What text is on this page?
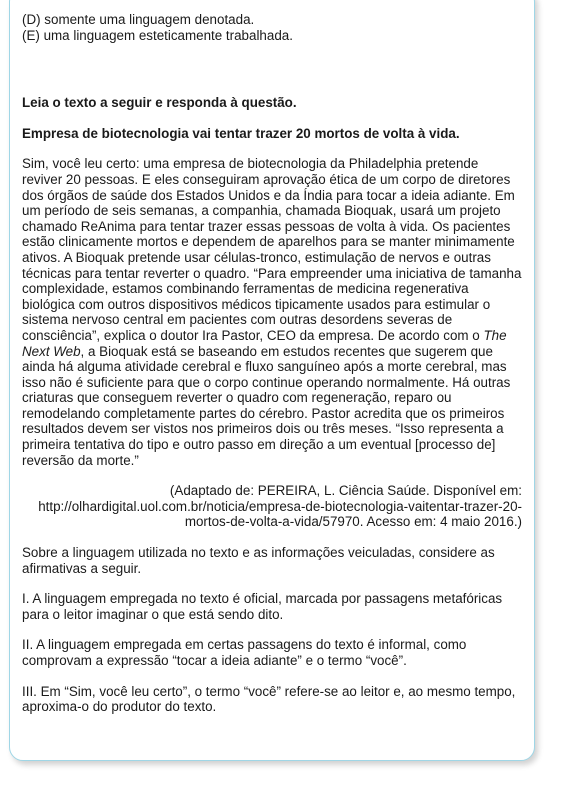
(D) somente uma linguagem denotada.

(E) uma linguagem esteticamente trabalhada.

Leia o texto a seguir e responda à questão.

Empresa de biotecnologia vai tentar trazer 20 mortos de volta à vida.

Sim, você leu certo: uma empresa de biotecnologia da Philadelphia pretende reviver 20 pessoas. E eles conseguiram aprovação ética de um corpo de diretores dos órgãos de saúde dos Estados Unidos e da Índia para tocar a ideia adiante. Em um período de seis semanas, a companhia, chamada Bioquak, usará um projeto chamado ReAnima para tentar trazer essas pessoas de volta à vida. Os pacientes estão clinicamente mortos e dependem de aparelhos para se manter minimamente ativos. A Bioquak pretende usar células-tronco, estimulação de nervos e outras técnicas para tentar reverter o quadro. “Para empreender uma iniciativa de tamanha complexidade, estamos combinando ferramentas de medicina regenerativa biológica com outros dispositivos médicos tipicamente usados para estimular o sistema nervoso central em pacientes com outras desordens severas de consciência”, explica o doutor Ira Pastor, CEO da empresa. De acordo com o The Next Web, a Bioquak está se baseando em estudos recentes que sugerem que ainda há alguma atividade cerebral e fluxo sanguíneo após a morte cerebral, mas isso não é suficiente para que o corpo continue operando normalmente. Há outras criaturas que conseguem reverter o quadro com regeneração, reparo ou remodelando completamente partes do cérebro. Pastor acredita que os primeiros resultados devem ser vistos nos primeiros dois ou três meses. “Isso representa a primeira tentativa do tipo e outro passo em direção a um eventual [processo de] reversão da morte.”

(Adaptado de: PEREIRA, L. Ciência Saúde. Disponível em:
http://olhardigital.uol.com.br/noticia/empresa-de-biotecnologia-vaitentar-trazer-20-
mortos-de-volta-a-vida/57970. Acesso em: 4 maio 2016.)

Sobre a linguagem utilizada no texto e as informações veiculadas, considere as afirmativas a seguir.

I. A linguagem empregada no texto é oficial, marcada por passagens metafóricas para o leitor imaginar o que está sendo dito.

II. A linguagem empregada em certas passagens do texto é informal, como comprovam a expressão “tocar a ideia adiante” e o termo “você”.

III. Em “Sim, você leu certo”, o termo “você” refere-se ao leitor e, ao mesmo tempo, aproxima-o do produtor do texto.
